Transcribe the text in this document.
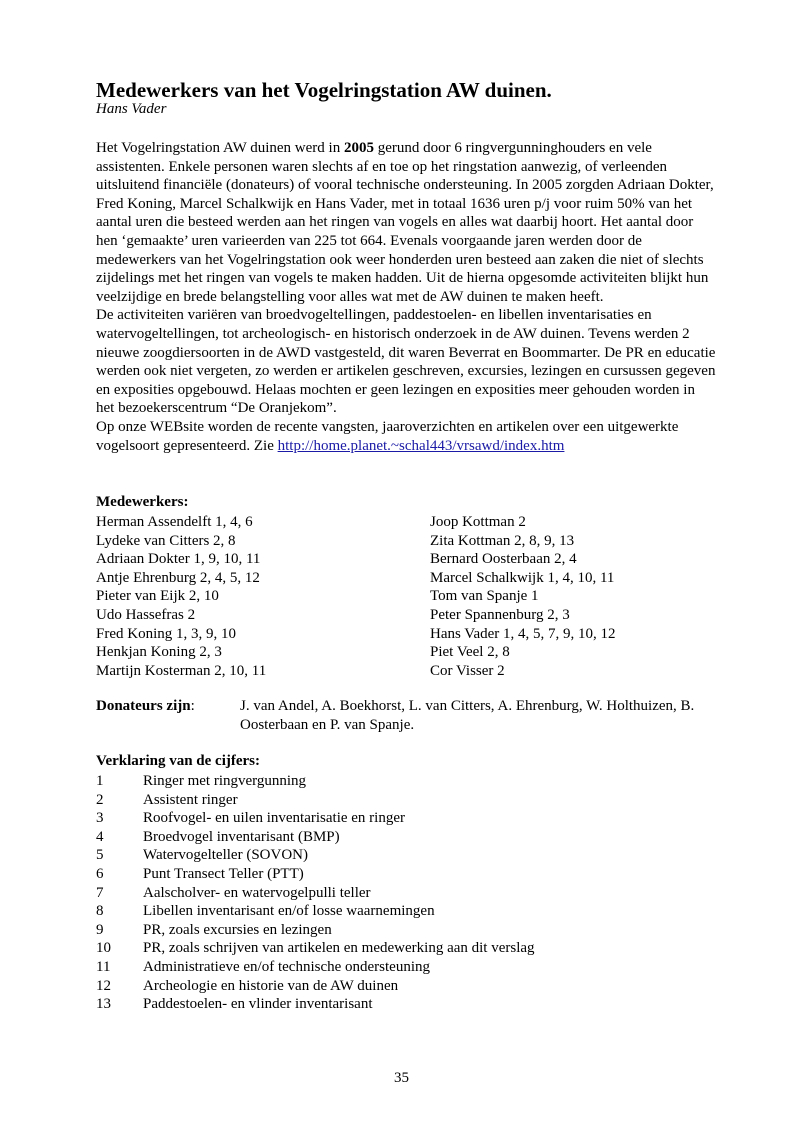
Medewerkers van het Vogelringstation AW duinen.
Hans Vader

Het Vogelringstation AW duinen werd in 2005 gerund door 6 ringvergunninghouders en vele assistenten. Enkele personen waren slechts af en toe op het ringstation aanwezig, of verleenden uitsluitend financiële (donateurs) of vooral technische ondersteuning. In 2005 zorgden Adriaan Dokter, Fred Koning, Marcel Schalkwijk en Hans Vader, met in totaal 1636 uren p/j voor ruim 50% van het aantal uren die besteed werden aan het ringen van vogels en alles wat daarbij hoort. Het aantal door hen ‘gemaakte’ uren varieerden van 225 tot 664. Evenals voorgaande jaren werden door de medewerkers van het Vogelringstation ook weer honderden uren besteed aan zaken die niet of slechts zijdelings met het ringen van vogels te maken hadden. Uit de hierna opgesomde activiteiten blijkt hun veelzijdige en brede belangstelling voor alles wat met de AW duinen te maken heeft.

De activiteiten variëren van broedvogeltellingen, paddestoelen- en libellen inventarisaties en watervogeltellingen, tot archeologisch- en historisch onderzoek in de AW duinen. Tevens werden 2 nieuwe zoogdiersoorten in de AWD vastgesteld, dit waren Beverrat en Boommarter. De PR en educatie werden ook niet vergeten, zo werden er artikelen geschreven, excursies, lezingen en cursussen gegeven en exposities opgebouwd. Helaas mochten er geen lezingen en exposities meer gehouden worden in het bezoekerscentrum “De Oranjekom”.

Op onze WEBsite worden de recente vangsten, jaaroverzichten en artikelen over een uitgewerkte vogelsoort gepresenteerd. Zie http://home.planet.~schal443/vrsawd/index.htm

Medewerkers:
Herman Assendelft 1, 4, 6	Joop Kottman 2
Lydeke van Citters 2, 8	Zita Kottman 2, 8, 9, 13
Adriaan Dokter 1, 9, 10, 11	Bernard Oosterbaan 2, 4
Antje Ehrenburg 2, 4, 5, 12	Marcel Schalkwijk 1, 4, 10, 11
Pieter van Eijk 2, 10	Tom van Spanje 1
Udo Hassefras 2	Peter Spannenburg 2, 3
Fred Koning 1, 3, 9, 10	Hans Vader 1, 4, 5, 7, 9, 10, 12
Henkjan Koning 2, 3	Piet Veel 2, 8
Martijn Kosterman 2, 10, 11	Cor Visser 2
Donateurs zijn:	J. van Andel, A. Boekhorst, L. van Citters, A. Ehrenburg, W. Holthuizen, B. Oosterbaan en P. van Spanje.
Verklaring van de cijfers:
1	Ringer met ringvergunning
2	Assistent ringer
3	Roofvogel- en uilen inventarisatie en ringer
4	Broedvogel inventarisant (BMP)
5	Watervogelteller (SOVON)
6	Punt Transect Teller (PTT)
7	Aalscholver- en watervogelpulli teller
8	Libellen inventarisant en/of losse waarnemingen
9	PR, zoals excursies en lezingen
10	PR, zoals schrijven van artikelen en medewerking aan dit verslag
11	Administratieve en/of technische ondersteuning
12	Archeologie en historie van de AW duinen
13	Paddestoelen- en vlinder inventarisant
35
